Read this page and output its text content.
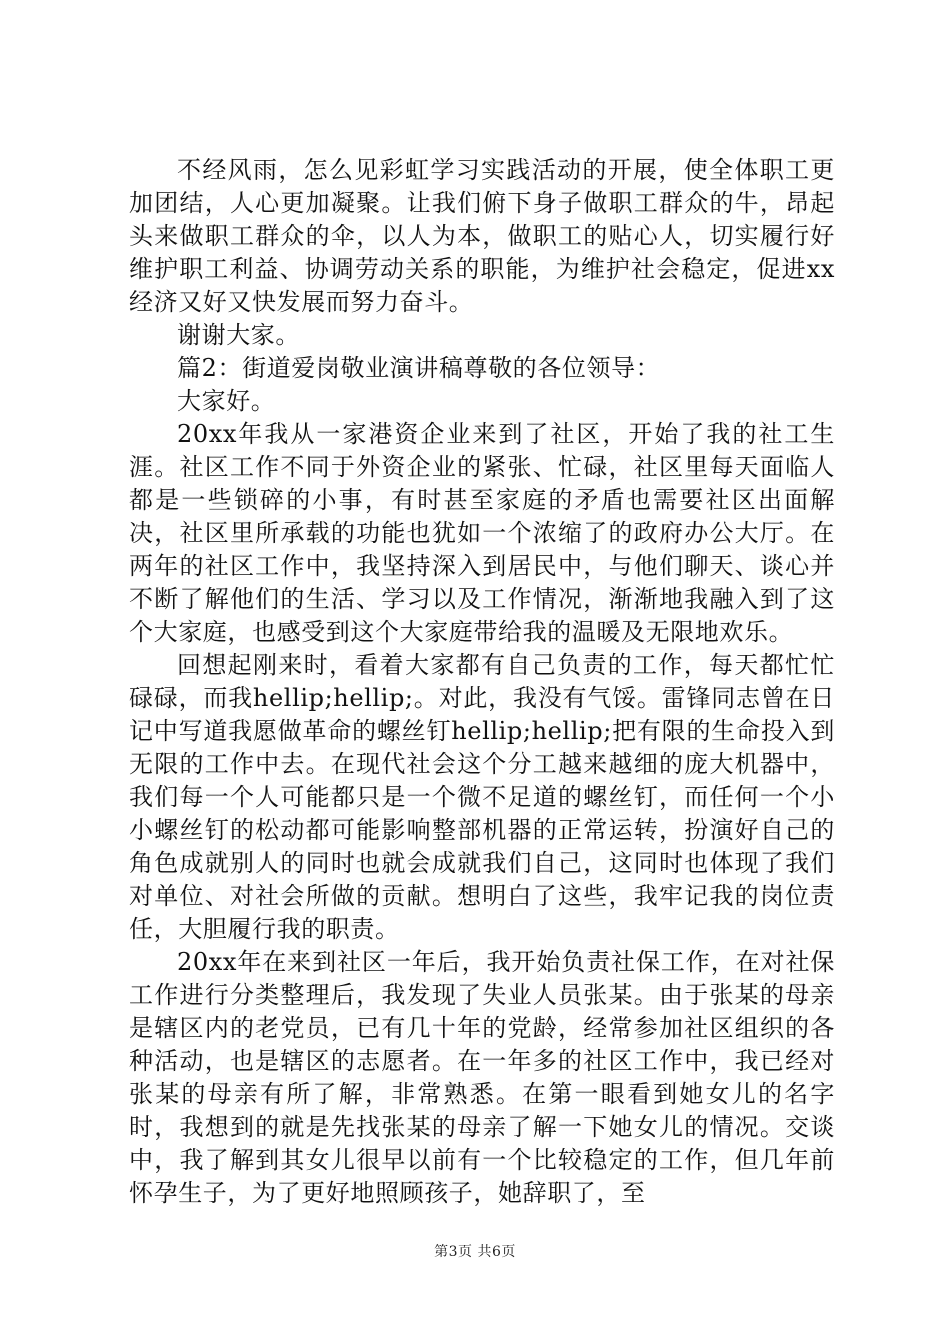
不经风雨，怎么见彩虹学习实践活动的开展，使全体职工更加团结，人心更加凝聚。让我们俯下身子做职工群众的牛，昂起头来做职工群众的伞，以人为本，做职工的贴心人，切实履行好维护职工利益、协调劳动关系的职能，为维护社会稳定，促进xx经济又好又快发展而努力奋斗。

谢谢大家。

篇2：街道爱岗敬业演讲稿尊敬的各位领导：

大家好。

20xx年我从一家港资企业来到了社区，开始了我的社工生涯。社区工作不同于外资企业的紧张、忙碌，社区里每天面临人都是一些锁碎的小事，有时甚至家庭的矛盾也需要社区出面解决，社区里所承载的功能也犹如一个浓缩了的政府办公大厅。在两年的社区工作中，我坚持深入到居民中，与他们聊天、谈心并不断了解他们的生活、学习以及工作情况，渐渐地我融入到了这个大家庭，也感受到这个大家庭带给我的温暖及无限地欢乐。

回想起刚来时，看着大家都有自己负责的工作，每天都忙忙碌碌，而我hellip;hellip;。对此，我没有气馁。雷锋同志曾在日记中写道我愿做革命的螺丝钉hellip;hellip;把有限的生命投入到无限的工作中去。在现代社会这个分工越来越细的庞大机器中，我们每一个人可能都只是一个微不足道的螺丝钉，而任何一个小小螺丝钉的松动都可能影响整部机器的正常运转，扮演好自己的角色成就别人的同时也就会成就我们自己，这同时也体现了我们对单位、对社会所做的贡献。想明白了这些，我牢记我的岗位责任，大胆履行我的职责。

20xx年在来到社区一年后，我开始负责社保工作，在对社保工作进行分类整理后，我发现了失业人员张某。由于张某的母亲是辖区内的老党员，已有几十年的党龄，经常参加社区组织的各种活动，也是辖区的志愿者。在一年多的社区工作中，我已经对张某的母亲有所了解，非常熟悉。在第一眼看到她女儿的名字时，我想到的就是先找张某的母亲了解一下她女儿的情况。交谈中，我了解到其女儿很早以前有一个比较稳定的工作，但几年前怀孕生子，为了更好地照顾孩子，她辞职了，至

第3页 共6页
